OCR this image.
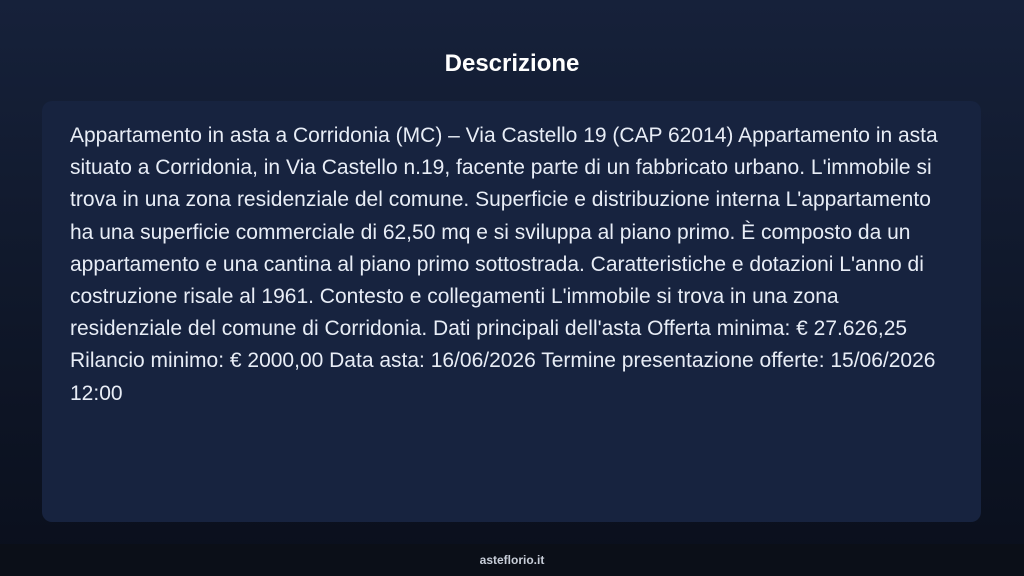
Descrizione

Appartamento in asta a Corridonia (MC) – Via Castello 19 (CAP 62014) Appartamento in asta situato a Corridonia, in Via Castello n.19, facente parte di un fabbricato urbano. L'immobile si trova in una zona residenziale del comune. Superficie e distribuzione interna L'appartamento ha una superficie commerciale di 62,50 mq e si sviluppa al piano primo. È composto da un appartamento e una cantina al piano primo sottostrada. Caratteristiche e dotazioni L'anno di costruzione risale al 1961. Contesto e collegamenti L'immobile si trova in una zona residenziale del comune di Corridonia. Dati principali dell'asta Offerta minima: € 27.626,25 Rilancio minimo: € 2000,00 Data asta: 16/06/2026 Termine presentazione offerte: 15/06/2026 12:00

asteflorio.it
